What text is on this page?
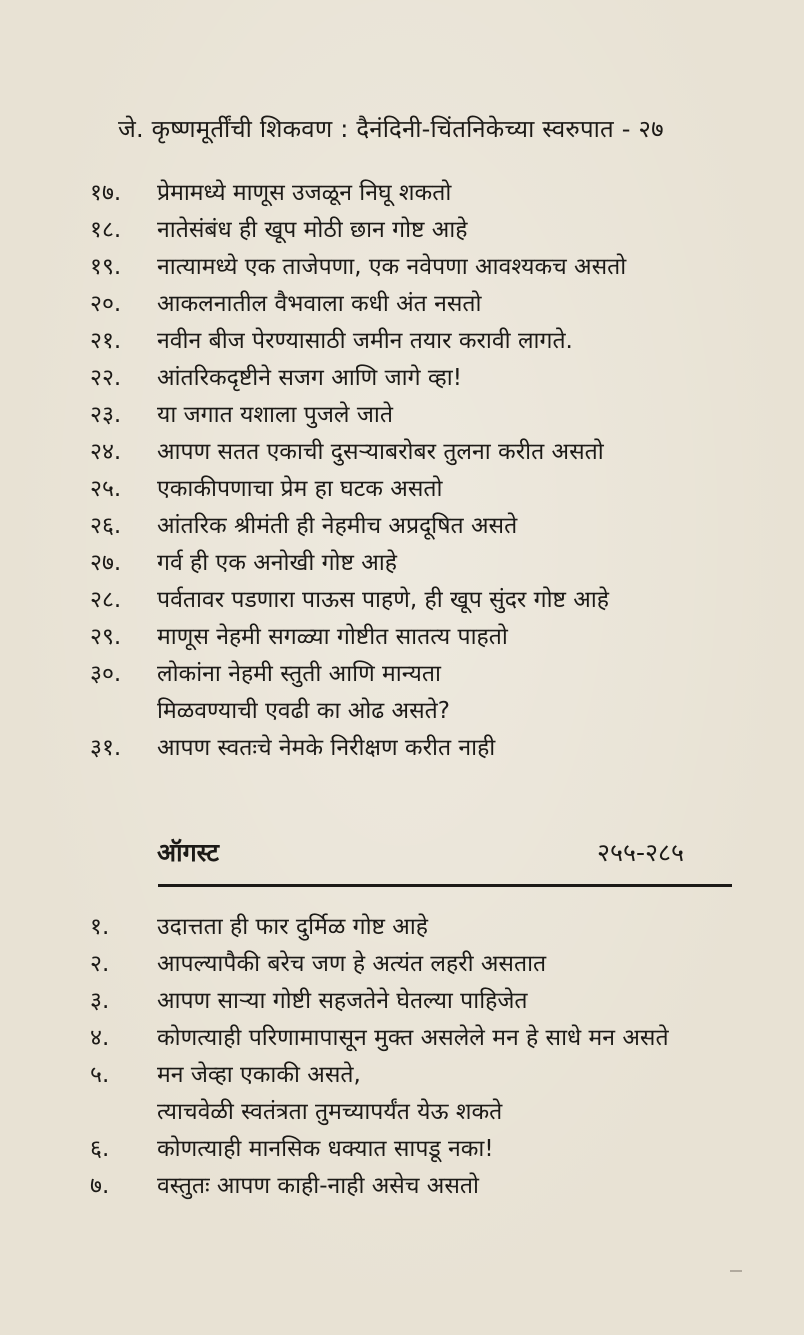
जे. कृष्णमूर्तींची शिकवण : दैनंदिनी-चिंतनिकेच्या स्वरुपात - २७
१७.	प्रेमामध्ये माणूस उजळून निघू शकतो
१८.	नातेसंबंध ही खूप मोठी छान गोष्ट आहे
१९.	नात्यामध्ये एक ताजेपणा, एक नवेपणा आवश्यकच असतो
२०.	आकलनातील वैभवाला कधी अंत नसतो
२१.	नवीन बीज पेरण्यासाठी जमीन तयार करावी लागते.
२२.	आंतरिकदृष्टीने सजग आणि जागे व्हा!
२३.	या जगात यशाला पुजले जाते
२४.	आपण सतत एकाची दुसऱ्याबरोबर तुलना करीत असतो
२५.	एकाकीपणाचा प्रेम हा घटक असतो
२६.	आंतरिक श्रीमंती ही नेहमीच अप्रदूषित असते
२७.	गर्व ही एक अनोखी गोष्ट आहे
२८.	पर्वतावर पडणारा पाऊस पाहणे, ही खूप सुंदर गोष्ट आहे
२९.	माणूस नेहमी सगळ्या गोष्टीत सातत्य पाहतो
३०.	लोकांना नेहमी स्तुती आणि मान्यता
मिळवण्याची एवढी का ओढ असते?
३१.	आपण स्वतःचे नेमके निरीक्षण करीत नाही
ऑगस्ट	२५५-२८५
१.	उदात्तता ही फार दुर्मिळ गोष्ट आहे
२.	आपल्यापैकी बरेच जण हे अत्यंत लहरी असतात
३.	आपण साऱ्या गोष्टी सहजतेने घेतल्या पाहिजेत
४.	कोणत्याही परिणामापासून मुक्त असलेले मन हे साधे मन असते
५.	मन जेव्हा एकाकी असते,
त्याचवेळी स्वतंत्रता तुमच्यापर्यंत येऊ शकते
६.	कोणत्याही मानसिक धक्यात सापडू नका!
७.	वस्तुतः आपण काही-नाही असेच असतो
